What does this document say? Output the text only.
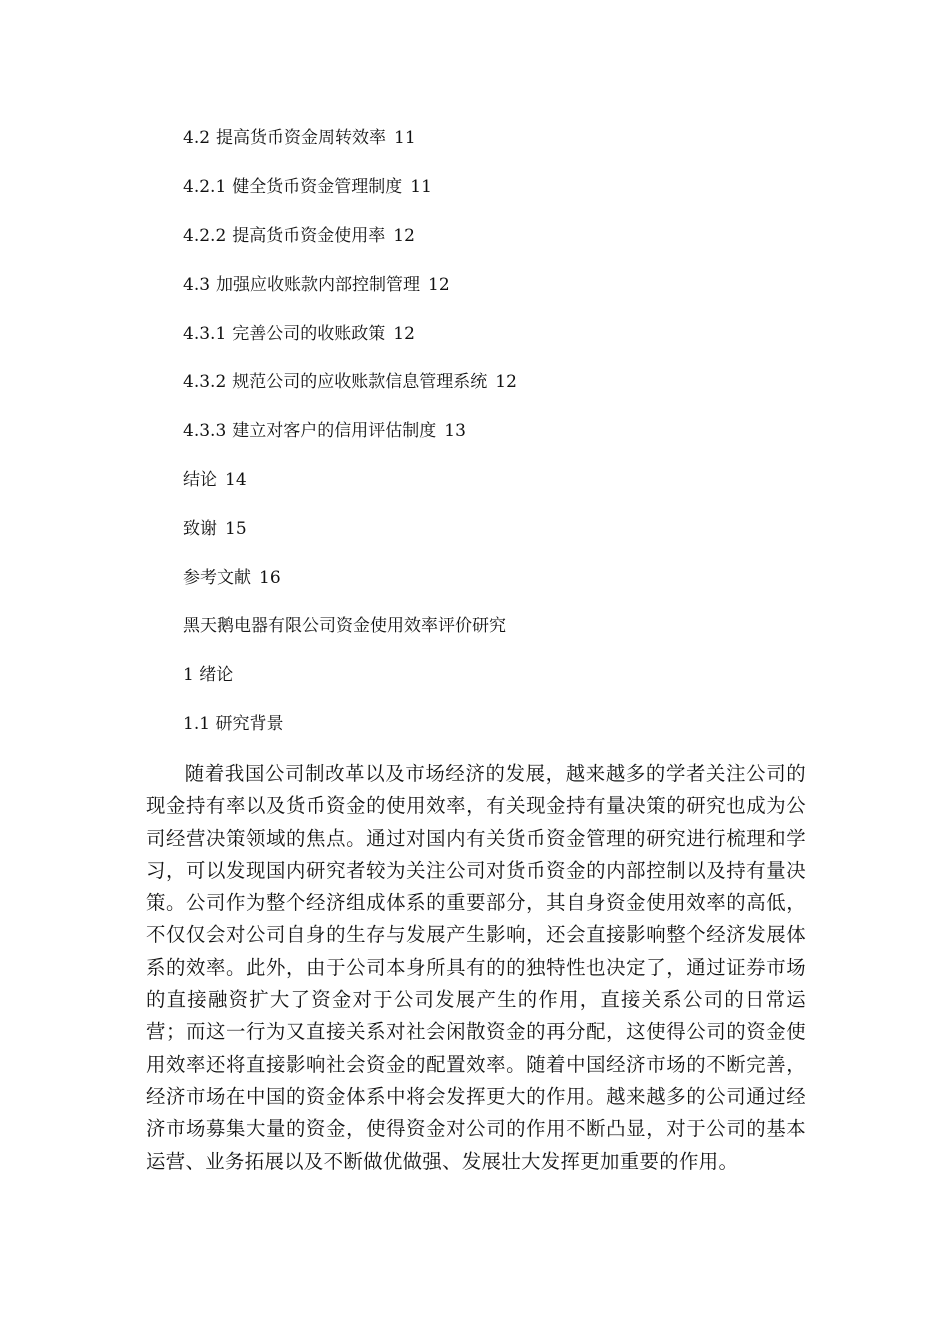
4.2 提高货币资金周转效率 11
4.2.1 健全货币资金管理制度 11
4.2.2 提高货币资金使用率 12
4.3 加强应收账款内部控制管理 12
4.3.1 完善公司的收账政策 12
4.3.2 规范公司的应收账款信息管理系统 12
4.3.3 建立对客户的信用评估制度 13
结论 14
致谢 15
参考文献 16
黑天鹅电器有限公司资金使用效率评价研究
1 绪论
1.1 研究背景

随着我国公司制改革以及市场经济的发展，越来越多的学者关注公司的现金持有率以及货币资金的使用效率，有关现金持有量决策的研究也成为公司经营决策领域的焦点。通过对国内有关货币资金管理的研究进行梳理和学习，可以发现国内研究者较为关注公司对货币资金的内部控制以及持有量决策。公司作为整个经济组成体系的重要部分，其自身资金使用效率的高低，不仅仅会对公司自身的生存与发展产生影响，还会直接影响整个经济发展体系的效率。此外，由于公司本身所具有的的独特性也决定了，通过证券市场的直接融资扩大了资金对于公司发展产生的作用，直接关系公司的日常运营；而这一行为又直接关系对社会闲散资金的再分配，这使得公司的资金使用效率还将直接影响社会资金的配置效率。随着中国经济市场的不断完善，经济市场在中国的资金体系中将会发挥更大的作用。越来越多的公司通过经济市场募集大量的资金，使得资金对公司的作用不断凸显，对于公司的基本运营、业务拓展以及不断做优做强、发展壮大发挥更加重要的作用。
